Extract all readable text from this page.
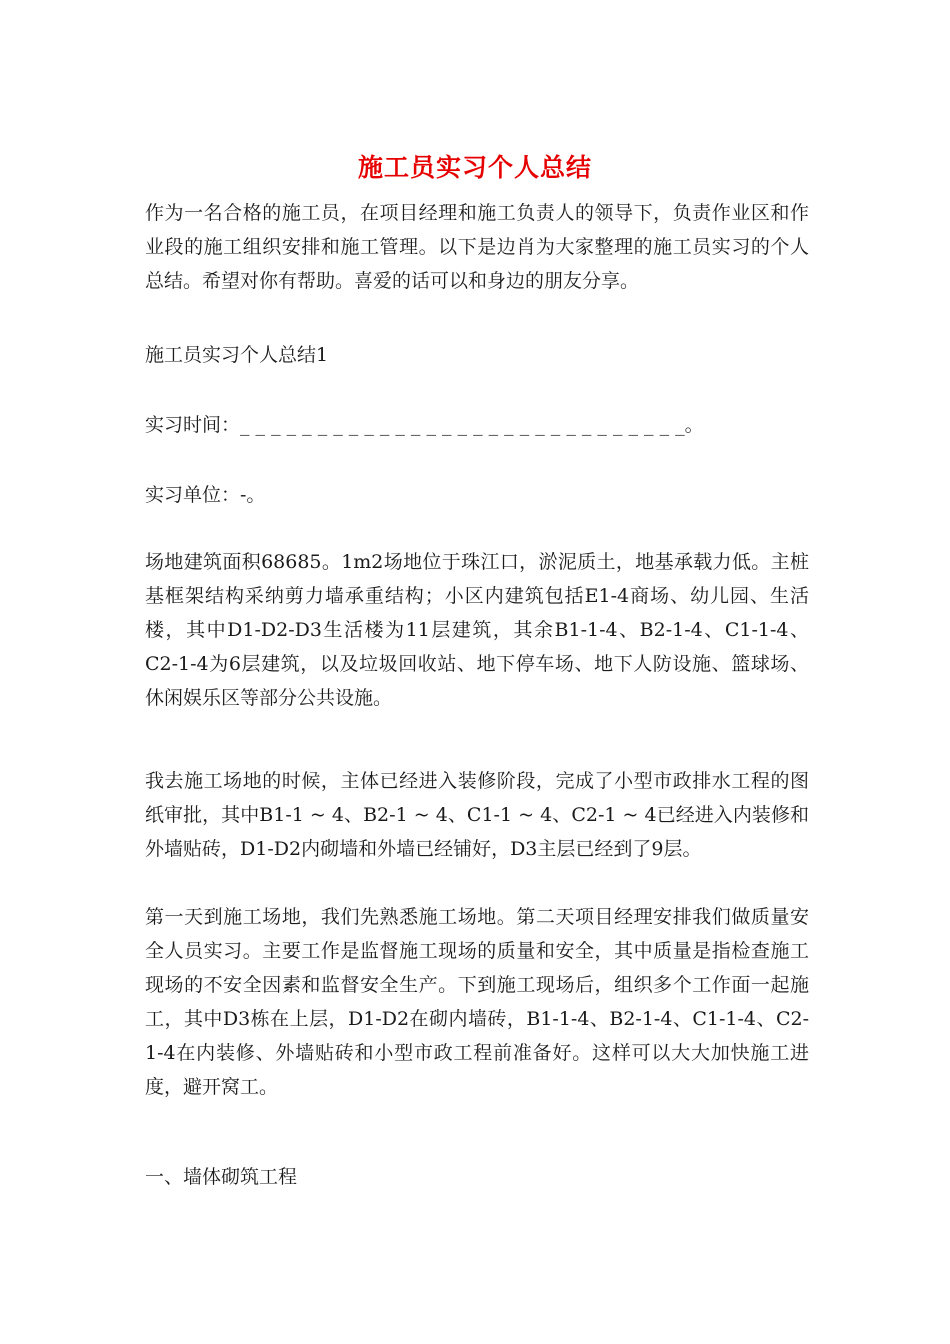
施工员实习个人总结

作为一名合格的施工员，在项目经理和施工负责人的领导下，负责作业区和作业段的施工组织安排和施工管理。以下是边肖为大家整理的施工员实习的个人总结。希望对你有帮助。喜爱的话可以和身边的朋友分享。

施工员实习个人总结1

实习时间：_ _ _ _ _ _ _ _ _ _ _ _ _ _ _ _ _ _ _ _ _ _ _ _ _ _ _ _ _。

实习单位：-。

场地建筑面积68685。1m2场地位于珠江口，淤泥质土，地基承载力低。主桩基框架结构采纳剪力墙承重结构；小区内建筑包括E1-4商场、幼儿园、生活楼，其中D1-D2-D3生活楼为11层建筑，其余B1-1-4、B2-1-4、C1-1-4、C2-1-4为6层建筑，以及垃圾回收站、地下停车场、地下人防设施、篮球场、休闲娱乐区等部分公共设施。

我去施工场地的时候，主体已经进入装修阶段，完成了小型市政排水工程的图纸审批，其中B1-1 ~ 4、B2-1 ~ 4、C1-1 ~ 4、C2-1 ~ 4已经进入内装修和外墙贴砖，D1-D2内砌墙和外墙已经铺好，D3主层已经到了9层。

第一天到施工场地，我们先熟悉施工场地。第二天项目经理安排我们做质量安全人员实习。主要工作是监督施工现场的质量和安全，其中质量是指检查施工现场的不安全因素和监督安全生产。下到施工现场后，组织多个工作面一起施工，其中D3栋在上层，D1-D2在砌内墙砖，B1-1-4、B2-1-4、C1-1-4、C2-1-4在内装修、外墙贴砖和小型市政工程前准备好。这样可以大大加快施工进度，避开窝工。

一、墙体砌筑工程
